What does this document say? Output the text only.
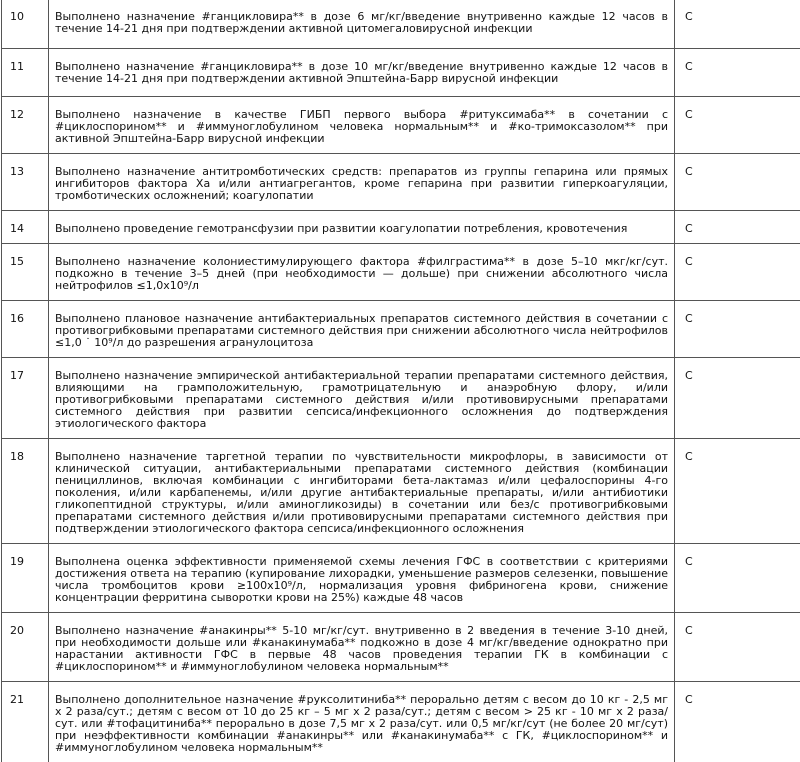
10	Выполнено назначение #ганцикловира** в дозе 6 мг/кг/введение внутривенно каждые 12 часов в течение 14-21 дня при подтверждении активной цитомегаловирусной инфекции	С
11	Выполнено назначение #ганцикловира** в дозе 10 мг/кг/введение внутривенно каждые 12 часов в течение 14-21 дня при подтверждении активной Эпштейна-Барр вирусной инфекции	С
12	Выполнено назначение в качестве ГИБП первого выбора #ритуксимаба** в сочетании с #циклоспорином** и #иммуноглобулином человека нормальным** и #ко-тримоксазолом** при активной Эпштейна-Барр вирусной инфекции	С
13	Выполнено назначение антитромботических средств: препаратов из группы гепарина или прямых ингибиторов фактора Ха и/или антиагрегантов, кроме гепарина при развитии гиперкоагуляции, тромботических осложнений; коагулопатии	С
14	Выполнено проведение гемотрансфузии при развитии коагулопатии потребления, кровотечения	С
15	Выполнено назначение колониестимулирующего фактора #филграстима** в дозе 5–10 мкг/кг/сут. подкожно в течение 3–5 дней (при необходимости — дольше) при снижении абсолютного числа нейтрофилов ≤1,0х10⁹/л	С
16	Выполнено плановое назначение антибактериальных препаратов системного действия в сочетании с противогрибковыми препаратами системного действия при снижении абсолютного числа нейтрофилов ≤1,0 ˙ 10⁹/л до разрешения агранулоцитоза	С
17	Выполнено назначение эмпирической антибактериальной терапии препаратами системного действия, влияющими на грамположительную, грамотрицательную и анаэробную флору, и/или противогрибковыми препаратами системного действия и/или противовирусными препаратами системного действия при развитии сепсиса/инфекционного осложнения до подтверждения этиологического фактора	С
18	Выполнено назначение таргетной терапии по чувствительности микрофлоры, в зависимости от клинической ситуации, антибактериальными препаратами системного действия (комбинации пенициллинов, включая комбинации с ингибиторами бета-лактамаз и/или цефалоспорины 4-го поколения, и/или карбапенемы, и/или другие антибактериальные препараты, и/или антибиотики гликопептидной структуры, и/или аминогликозиды) в сочетании или без/с противогрибковыми препаратами системного действия и/или противовирусными препаратами системного действия при подтверждении этиологического фактора сепсиса/инфекционного осложнения	С
19	Выполнена оценка эффективности применяемой схемы лечения ГФС в соответствии с критериями достижения ответа на терапию (купирование лихорадки, уменьшение размеров селезенки, повышение числа тромбоцитов крови ≥100х10⁹/л, нормализация уровня фибриногена крови, снижение концентрации ферритина сыворотки крови на 25%) каждые 48 часов	С
20	Выполнено назначение #анакинры** 5-10 мг/кг/сут. внутривенно в 2 введения в течение 3-10 дней, при необходимости дольше или #канакинумаба** подкожно в дозе 4 мг/кг/введение однократно при нарастании активности ГФС в первые 48 часов проведения терапии ГК в комбинации с #циклоспорином** и #иммуноглобулином человека нормальным**	С
21	Выполнено дополнительное назначение #руксолитиниба** перорально детям с весом до 10 кг - 2,5 мг х 2 раза/сут.; детям с весом от 10 до 25 кг – 5 мг х 2 раза/сут.; детям с весом > 25 кг - 10 мг х 2 раза/сут. или #тофацитиниба** перорально в дозе 7,5 мг х 2 раза/сут. или 0,5 мг/кг/сут (не более 20 мг/сут) при неэффективности комбинации #анакинры** или #канакинумаба** с ГК, #циклоспорином** и #иммуноглобулином человека нормальным**	С
